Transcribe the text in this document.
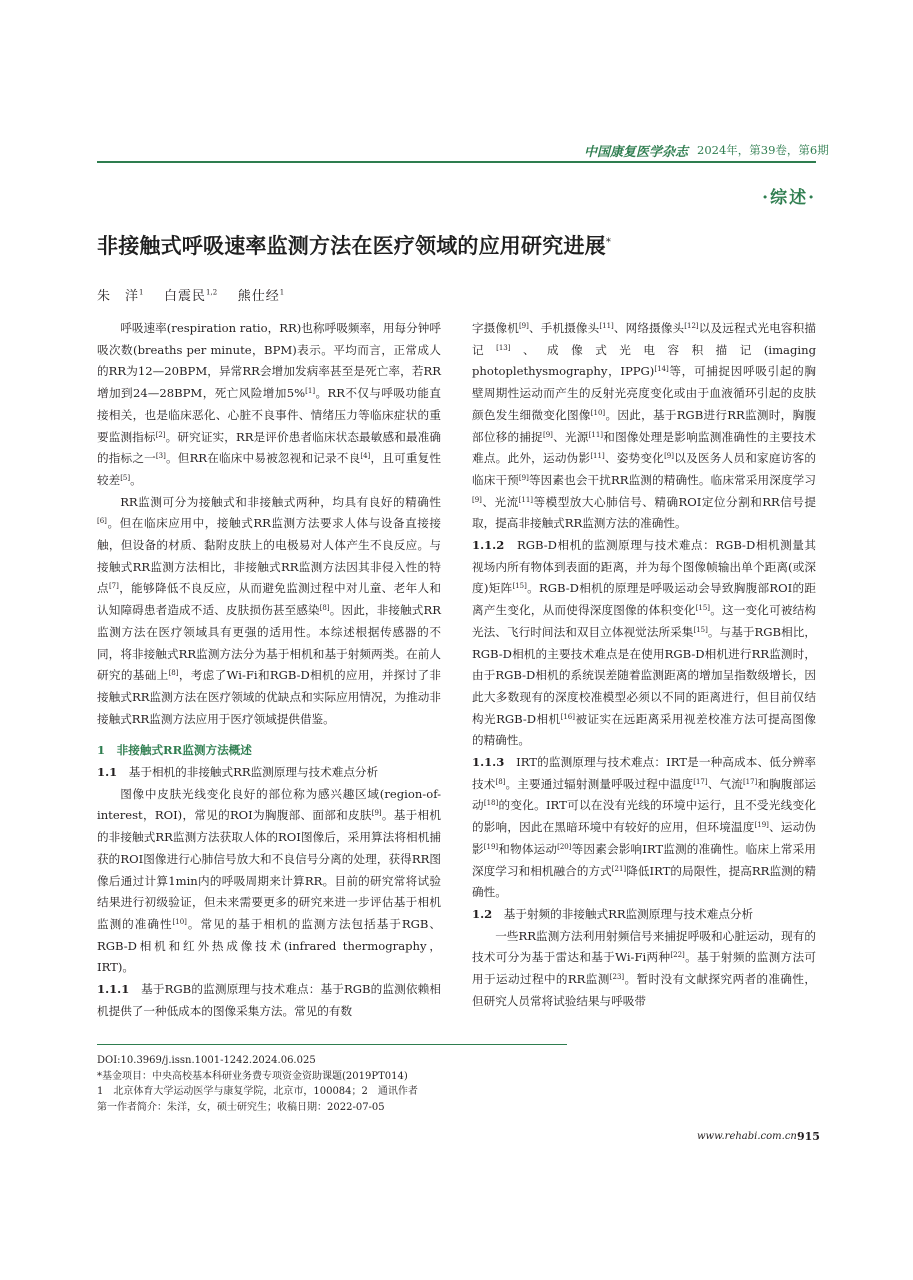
中国康复医学杂志 2024年，第39卷，第6期
·综述·
非接触式呼吸速率监测方法在医疗领域的应用研究进展*
朱　洋$^1$ 白震民$^{1,2}$ 熊仕经$^1$

呼吸速率(respiration ratio，RR)也称呼吸频率，用每分钟呼吸次数(breaths per minute，BPM)表示。平均而言，正常成人的RR为12—20BPM，异常RR会增加发病率甚至是死亡率，若RR增加到24—28BPM，死亡风险增加5%[1]。RR不仅与呼吸功能直接相关，也是临床恶化、心脏不良事件、情绪压力等临床症状的重要监测指标[2]。研究证实，RR是评价患者临床状态最敏感和最准确的指标之一[3]。但RR在临床中易被忽视和记录不良[4]，且可重复性较差[5]。

RR监测可分为接触式和非接触式两种，均具有良好的精确性[6]。但在临床应用中，接触式RR监测方法要求人体与设备直接接触，但设备的材质、黏附皮肤上的电极易对人体产生不良反应。与接触式RR监测方法相比，非接触式RR监测方法因其非侵入性的特点[7]，能够降低不良反应，从而避免监测过程中对儿童、老年人和认知障碍患者造成不适、皮肤损伤甚至感染[8]。因此，非接触式RR监测方法在医疗领域具有更强的适用性。本综述根据传感器的不同，将非接触式RR监测方法分为基于相机和基于射频两类。在前人研究的基础上[8]，考虑了Wi-Fi和RGB-D相机的应用，并探讨了非接触式RR监测方法在医疗领域的优缺点和实际应用情况，为推动非接触式RR监测方法应用于医疗领域提供借鉴。

1　非接触式RR监测方法概述

1.1　基于相机的非接触式RR监测原理与技术难点分析

图像中皮肤光线变化良好的部位称为感兴趣区域(region-of-interest，ROI)，常见的ROI为胸腹部、面部和皮肤[9]。基于相机的非接触式RR监测方法获取人体的ROI图像后，采用算法将相机捕获的ROI图像进行心肺信号放大和不良信号分离的处理，获得RR图像后通过计算1min内的呼吸周期来计算RR。目前的研究常将试验结果进行初级验证，但未来需要更多的研究来进一步评估基于相机监测的准确性[10]。常见的基于相机的监测方法包括基于RGB、RGB-D相机和红外热成像技术(infrared thermography，IRT)。

1.1.1　基于RGB的监测原理与技术难点：基于RGB的监测依赖相机提供了一种低成本的图像采集方法。常见的有数

字摄像机[9]、手机摄像头[11]、网络摄像头[12]以及远程式光电容积描记[13]、成像式光电容积描记(imaging photoplethysmography，IPPG)[14]等，可捕捉因呼吸引起的胸壁周期性运动而产生的反射光亮度变化或由于血液循环引起的皮肤颜色发生细微变化图像[10]。因此，基于RGB进行RR监测时，胸腹部位移的捕捉[9]、光源[11]和图像处理是影响监测准确性的主要技术难点。此外，运动伪影[11]、姿势变化[9]以及医务人员和家庭访客的临床干预[9]等因素也会干扰RR监测的精确性。临床常采用深度学习[9]、光流[11]等模型放大心肺信号、精确ROI定位分割和RR信号提取，提高非接触式RR监测方法的准确性。

1.1.2　RGB-D相机的监测原理与技术难点：RGB-D相机测量其视场内所有物体到表面的距离，并为每个图像帧输出单个距离(或深度)矩阵[15]。RGB-D相机的原理是呼吸运动会导致胸腹部ROI的距离产生变化，从而使得深度图像的体积变化[15]。这一变化可被结构光法、飞行时间法和双目立体视觉法所采集[15]。与基于RGB相比，RGB-D相机的主要技术难点是在使用RGB-D相机进行RR监测时，由于RGB-D相机的系统误差随着监测距离的增加呈指数级增长，因此大多数现有的深度校准模型必须以不同的距离进行，但目前仅结构光RGB-D相机[16]被证实在远距离采用视差校准方法可提高图像的精确性。

1.1.3　IRT的监测原理与技术难点：IRT是一种高成本、低分辨率技术[8]。主要通过辐射测量呼吸过程中温度[17]、气流[17]和胸腹部运动[18]的变化。IRT可以在没有光线的环境中运行，且不受光线变化的影响，因此在黑暗环境中有较好的应用，但环境温度[19]、运动伪影[19]和物体运动[20]等因素会影响IRT监测的准确性。临床上常采用深度学习和相机融合的方式[21]降低IRT的局限性，提高RR监测的精确性。

1.2　基于射频的非接触式RR监测原理与技术难点分析

一些RR监测方法利用射频信号来捕捉呼吸和心脏运动，现有的技术可分为基于雷达和基于Wi-Fi两种[22]。基于射频的监测方法可用于运动过程中的RR监测[23]。暂时没有文献探究两者的准确性，但研究人员常将试验结果与呼吸带

DOI:10.3969/j.issn.1001-1242.2024.06.025

*基金项目：中央高校基本科研业务费专项资金资助课题(2019PT014)

1　北京体育大学运动医学与康复学院，北京市，100084；2　通讯作者

第一作者简介：朱洋，女，硕士研究生；收稿日期：2022-07-05

www.rehabi.com.cn 915
